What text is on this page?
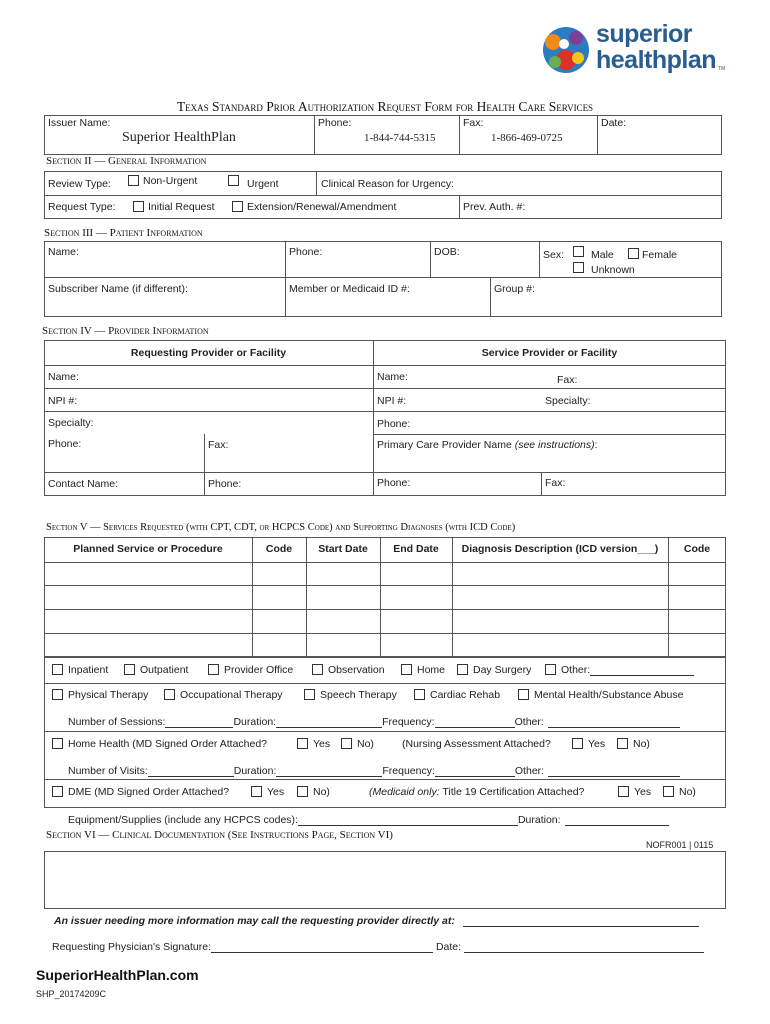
superior
healthplan TM
Texas Standard Prior Authorization Request Form for Health Care Services
Issuer Name:
Superior HealthPlan
Phone:
1-844-744-5315
Fax:
1-866-469-0725
Date:
Section II — General Information
Review Type:	Non-Urgent	Urgent	Clinical Reason for Urgency:
Request Type:	Initial Request	Extension/Renewal/Amendment	Prev. Auth. #:
Section III — Patient Information
Name:	Phone:	DOB:	Sex:	Male	Female
Unknown
Subscriber Name (if different):	Member or Medicaid ID #:	Group #:
Section IV — Provider Information
Requesting Provider or Facility	Service Provider or Facility
Name:	Name:	Fax:
NPI #:	NPI #:	Specialty:
Specialty:	Phone:
Phone:	Fax:	Primary Care Provider Name (see instructions):
Contact Name:	Phone:	Phone:	Fax:
Section V — Services Requested (with CPT, CDT, or HCPCS Code) and Supporting Diagnoses (with ICD Code)
Planned Service or Procedure	Code	Start Date	End Date	Diagnosis Description (ICD version___)	Code
Inpatient	Outpatient	Provider Office	Observation	Home	Day Surgery	Other:
Physical Therapy	Occupational Therapy	Speech Therapy	Cardiac Rehab	Mental Health/Substance Abuse
Number of Sessions:	Duration:	Frequency:	Other:
Home Health (MD Signed Order Attached?	Yes	No)	(Nursing Assessment Attached?	Yes	No)
Number of Visits:	Duration:	Frequency:	Other:
DME (MD Signed Order Attached?	Yes	No)	(Medicaid only: Title 19 Certification Attached?	Yes	No)
Equipment/Supplies (include any HCPCS codes):	Duration:
Section VI — Clinical Documentation (See Instructions Page, Section VI)
NOFR001 | 0115
An issuer needing more information may call the requesting provider directly at:
Requesting Physician's Signature:	Date:
SuperiorHealthPlan.com
SHP_20174209C
